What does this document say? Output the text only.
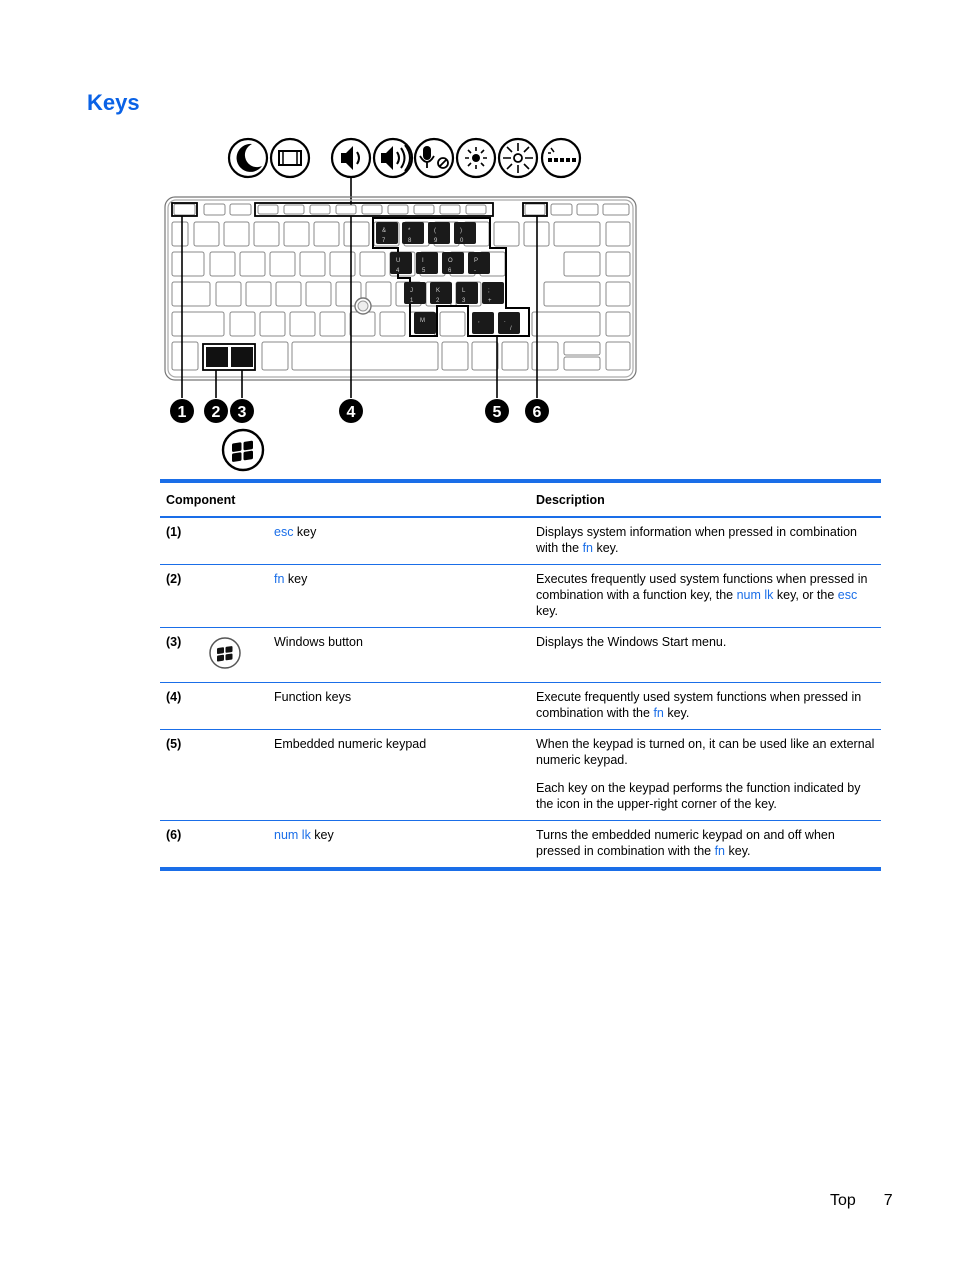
Keys
&	*	(	)
7	8	9	0
U	I	O	P
4	5	6	-
J	K	L	;
1	2	3	+
M	,	.
/
1 2 3	4	5 6
Component			Description
(1)		esc key	Displays system information when pressed in combination with the fn key.

(2)		fn key	Executes frequently used system functions when pressed in combination with a function key, the num lk key, or the esc key.

(3)		Windows button	Displays the Windows Start menu.

(4)		Function keys	Execute frequently used system functions when pressed in combination with the fn key.

(5)		Embedded numeric keypad	When the keypad is turned on, it can be used like an external numeric keypad.

Each key on the keypad performs the function indicated by the icon in the upper-right corner of the key.

(6)		num lk key	Turns the embedded numeric keypad on and off when pressed in combination with the fn key.

Top 7
